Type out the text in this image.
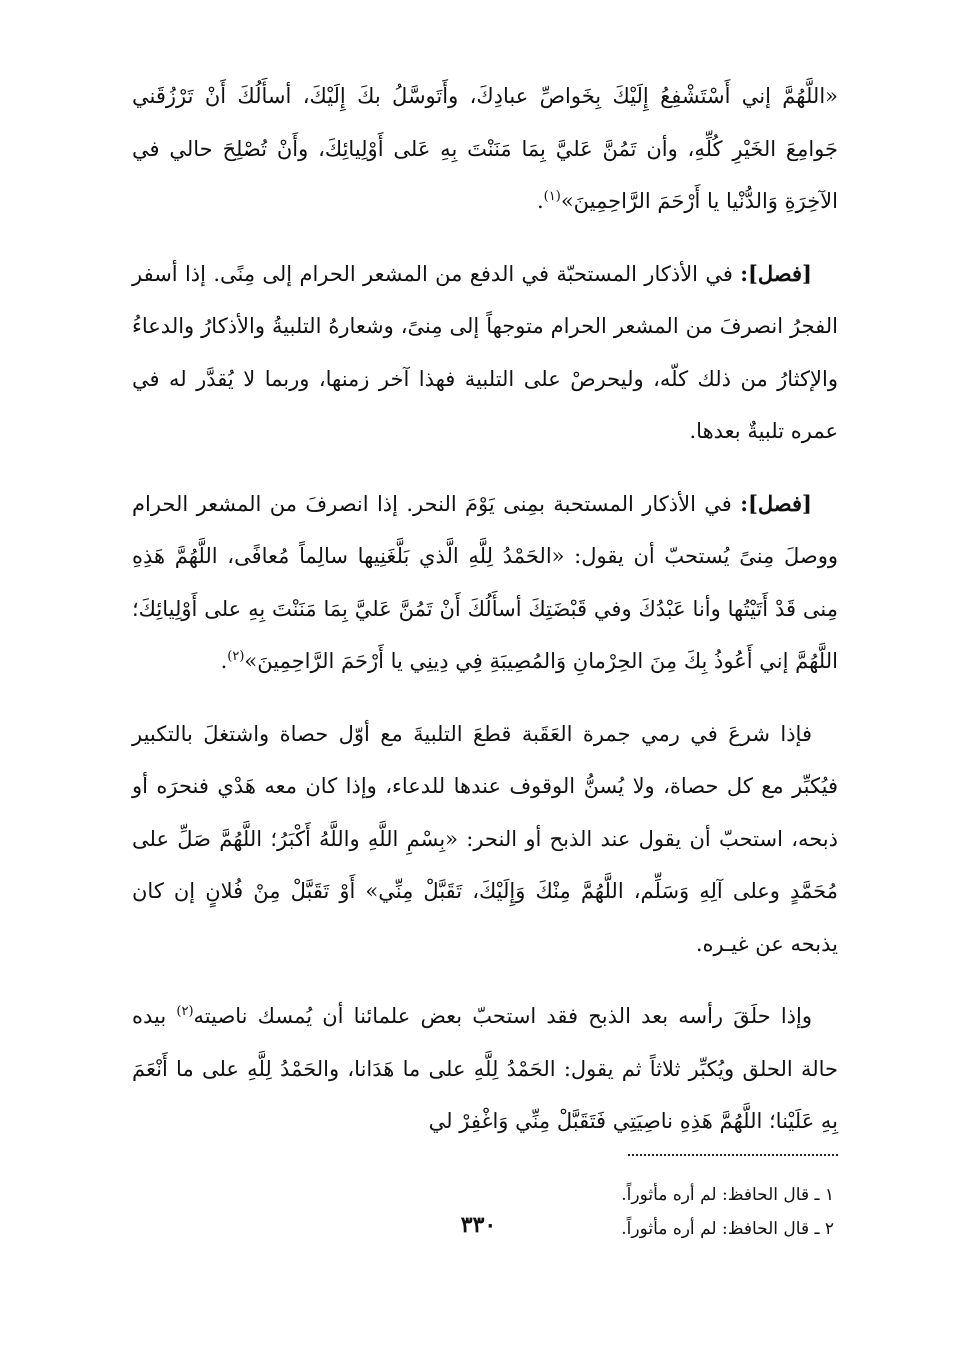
«اللَّهُمَّ إني أَسْتَشْفِعُ إِلَيْكَ بِخَواصِّ عبادِكَ، وأَتَوسَّلُ بكَ إِلَيْكَ، أسأَلُكَ أَنْ تَرْزُقَني جَوامِعَ الخَيْرِ كُلِّهِ، وأن تَمُنَّ عَليَّ بِمَا مَنَنْتَ بِهِ عَلى أَوْلِيائِكَ، وأَنْ تُصْلِحَ حالي في الآخِرَةِ وَالدُّنْيا يا أَرْحَمَ الرَّاحِمِينَ»$^{(١)}$.

[فصل]: في الأذكار المستحبّة في الدفع من المشعر الحرام إلى مِنًى. إذا أسفر الفجرُ انصرفَ من المشعر الحرام متوجهاً إلى مِنىً، وشعارهُ التلبيةُ والأذكارُ والدعاءُ والإكثارُ من ذلك كلّه، وليحرصْ على التلبية فهذا آخر زمنها، وربما لا يُقدَّر له في عمره تلبيةٌ بعدها.

[فصل]: في الأذكار المستحبة بمِنى يَوْمَ النحر. إذا انصرفَ من المشعر الحرام ووصلَ مِنىً يُستحبّ أن يقول: «الحَمْدُ لِلَّهِ الَّذي بَلَّغَنِيها سالِماً مُعافًى، اللَّهُمَّ هَذِهِ مِنى قَدْ أَتَيْتُها وأنا عَبْدُكَ وفي قَبْضَتِكَ أسأَلُكَ أَنْ تَمُنَّ عَليَّ بِمَا مَنَنْتَ بِهِ على أَوْلِيائِكَ؛ اللَّهُمَّ إني أَعُوذُ بِكَ مِنَ الحِرْمانِ وَالمُصِيبَةِ فِي دِينِي يا أَرْحَمَ الرَّاحِمِينَ»$^{(٢)}$.

فإذا شرعَ في رمي جمرة العَقَبة قطعَ التلبيةَ مع أوّل حصاة واشتغلَ بالتكبير فيُكبِّر مع كل حصاة، ولا يُسنُّ الوقوف عندها للدعاء، وإذا كان معه هَدْي فنحرَه أو ذبحه، استحبّ أن يقول عند الذبح أو النحر: «بِسْمِ اللَّهِ واللَّهُ أَكْبَرُ؛ اللَّهُمَّ صَلِّ على مُحَمَّدٍ وعلى آلِهِ وَسَلِّم، اللَّهُمَّ مِنْكَ وَإِلَيْكَ، تَقَبَّلْ مِنِّي» أَوْ تَقَبَّلْ مِنْ فُلانٍ إن كان يذبحه عن غيـره.

وإذا حلَقَ رأسه بعد الذبح فقد استحبّ بعض علمائنا أن يُمسك ناصيته$^{(٢)}$ بيده حالة الحلق ويُكبِّر ثلاثاً ثم يقول: الحَمْدُ لِلَّهِ على ما هَدَانا، والحَمْدُ لِلَّهِ على ما أَنْعَمَ بِهِ عَلَيْنا؛ اللَّهُمَّ هَذِهِ ناصِيَتِي فَتَقَبَّلْ مِنِّي وَاغْفِرْ لي

١ ـ قال الحافظ: لم أره مأثوراً.

٢ ـ قال الحافظ: لم أره مأثوراً.

٣٣٠
